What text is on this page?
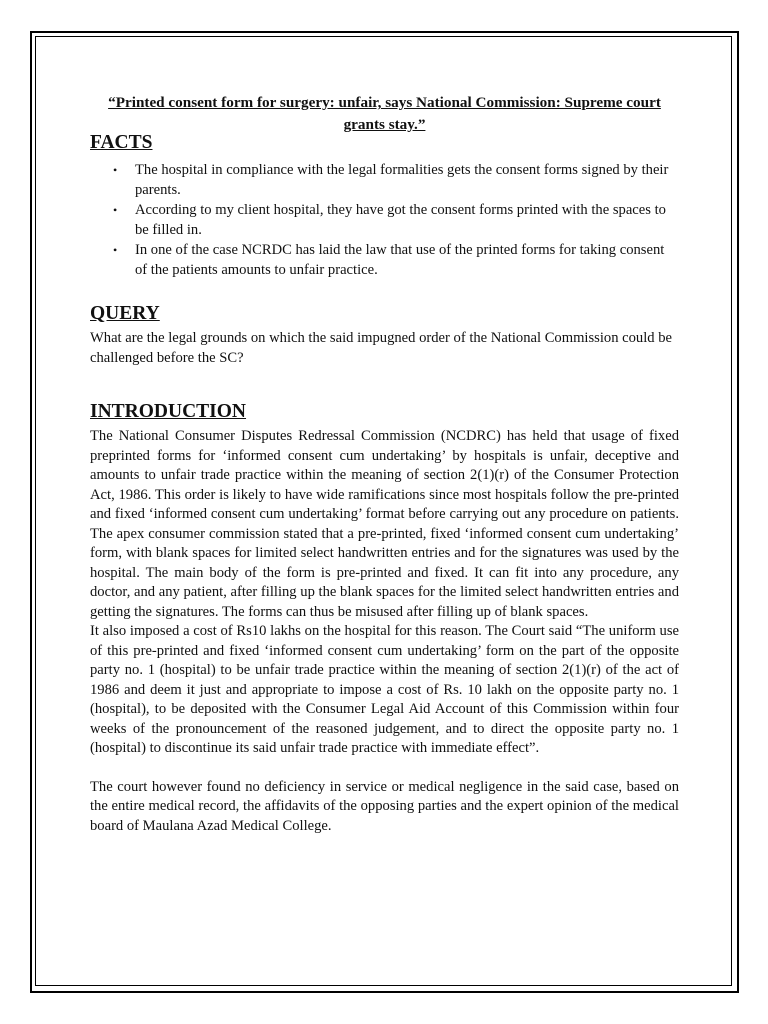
“Printed consent form for surgery: unfair, says National Commission: Supreme court grants stay.”
FACTS
• The hospital in compliance with the legal formalities gets the consent forms signed by their parents.
• According to my client hospital, they have got the consent forms printed with the spaces to be filled in.
• In one of the case NCRDC has laid the law that use of the printed forms for taking consent of the patients amounts to unfair practice.
QUERY

What are the legal grounds on which the said impugned order of the National Commission could be challenged before the SC?

INTRODUCTION

The National Consumer Disputes Redressal Commission (NCDRC) has held that usage of fixed preprinted forms for ‘informed consent cum undertaking’ by hospitals is unfair, deceptive and amounts to unfair trade practice within the meaning of section 2(1)(r) of the Consumer Protection Act, 1986. This order is likely to have wide ramifications since most hospitals follow the pre-printed and fixed ‘informed consent cum undertaking’ format before carrying out any procedure on patients. The apex consumer commission stated that a pre-printed, fixed ‘informed consent cum undertaking’ form, with blank spaces for limited select handwritten entries and for the signatures was used by the hospital. The main body of the form is pre-printed and fixed. It can fit into any procedure, any doctor, and any patient, after filling up the blank spaces for the limited select handwritten entries and getting the signatures. The forms can thus be misused after filling up of blank spaces.

It also imposed a cost of Rs10 lakhs on the hospital for this reason. The Court said “The uniform use of this pre-printed and fixed ‘informed consent cum undertaking’ form on the part of the opposite party no. 1 (hospital) to be unfair trade practice within the meaning of section 2(1)(r) of the act of 1986 and deem it just and appropriate to impose a cost of Rs. 10 lakh on the opposite party no. 1 (hospital), to be deposited with the Consumer Legal Aid Account of this Commission within four weeks of the pronouncement of the reasoned judgement, and to direct the opposite party no. 1 (hospital) to discontinue its said unfair trade practice with immediate effect”.

The court however found no deficiency in service or medical negligence in the said case, based on the entire medical record, the affidavits of the opposing parties and the expert opinion of the medical board of Maulana Azad Medical College.
